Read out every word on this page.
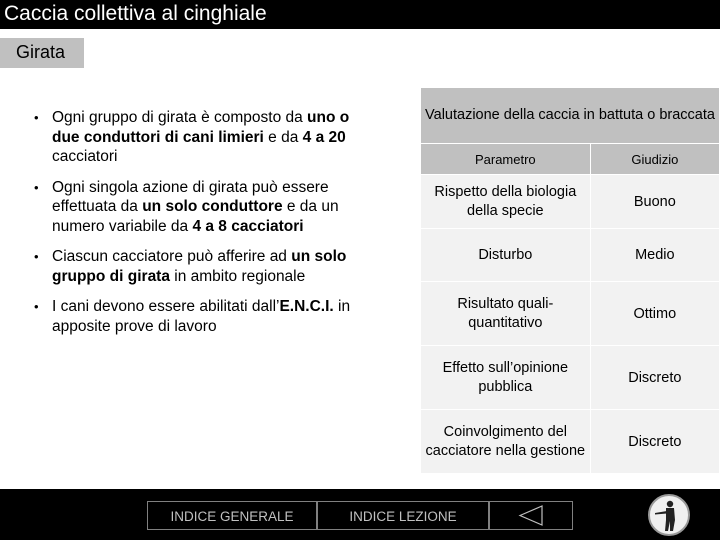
Caccia collettiva al cinghiale
Girata
• Ogni gruppo di girata è composto da uno o due conduttori di cani limieri e da 4 a 20 cacciatori
• Ogni singola azione di girata può essere effettuata da un solo conduttore e da un numero variabile da 4 a 8 cacciatori
• Ciascun cacciatore può afferire ad un solo gruppo di girata in ambito regionale
• I cani devono essere abilitati dall’E.N.C.I. in apposite prove di lavoro
Valutazione della caccia in battuta o braccata	
Parametro	Giudizio
Rispetto della biologia della specie	Buono
Disturbo	Medio
Risultato quali-quantitativo	Ottimo
Effetto sull’opinione pubblica	Discreto
Coinvolgimento del cacciatore nella gestione	Discreto
INDICE GENERALE	INDICE LEZIONE
